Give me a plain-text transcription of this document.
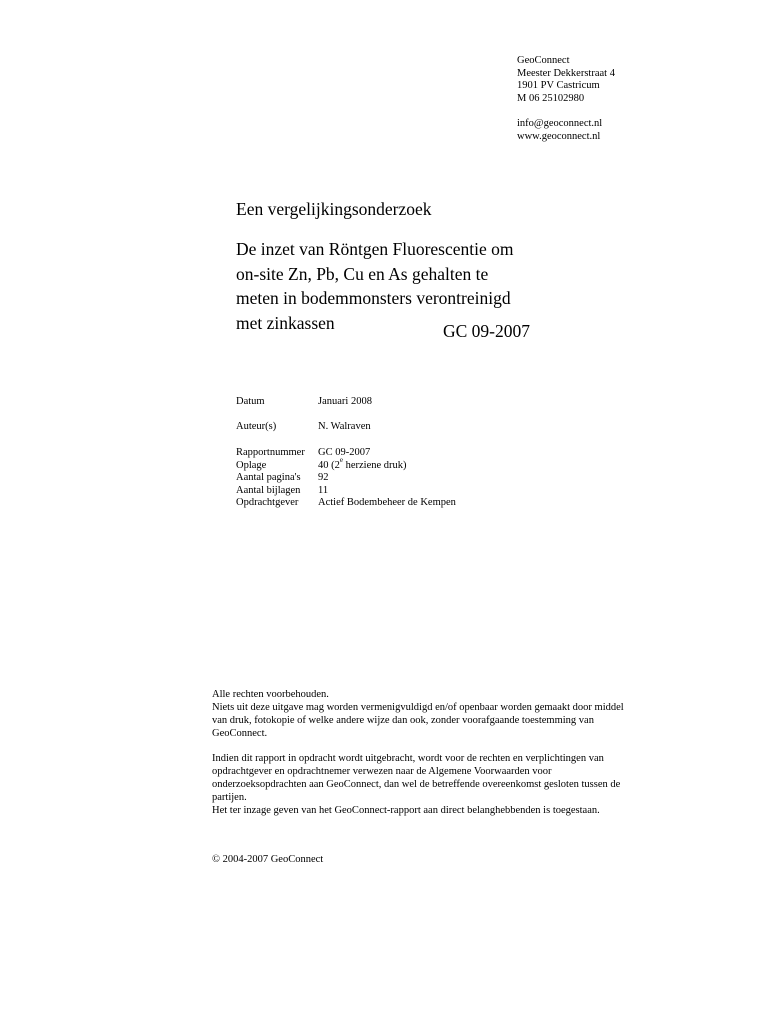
GeoConnect
Meester Dekkerstraat 4
1901 PV Castricum
M 06 25102980
info@geoconnect.nl
www.geoconnect.nl
Een vergelijkingsonderzoek
De inzet van Röntgen Fluorescentie om
on-site Zn, Pb, Cu en As gehalten te
meten in bodemmonsters verontreinigd
met zinkassen	GC 09-2007
Datum	Januari 2008
Auteur(s)	N. Walraven
Rapportnummer	GC 09-2007
Oplage	40 (2e herziene druk)
Aantal pagina's	92
Aantal bijlagen	11
Opdrachtgever	Actief Bodembeheer de Kempen

Alle rechten voorbehouden.

Niets uit deze uitgave mag worden vermenigvuldigd en/of openbaar worden gemaakt door middel

van druk, fotokopie of welke andere wijze dan ook, zonder voorafgaande toestemming van

GeoConnect.

Indien dit rapport in opdracht wordt uitgebracht, wordt voor de rechten en verplichtingen van

opdrachtgever en opdrachtnemer verwezen naar de Algemene Voorwaarden voor

onderzoeksopdrachten aan GeoConnect, dan wel de betreffende overeenkomst gesloten tussen de

partijen.

Het ter inzage geven van het GeoConnect-rapport aan direct belanghebbenden is toegestaan.

© 2004-2007 GeoConnect
